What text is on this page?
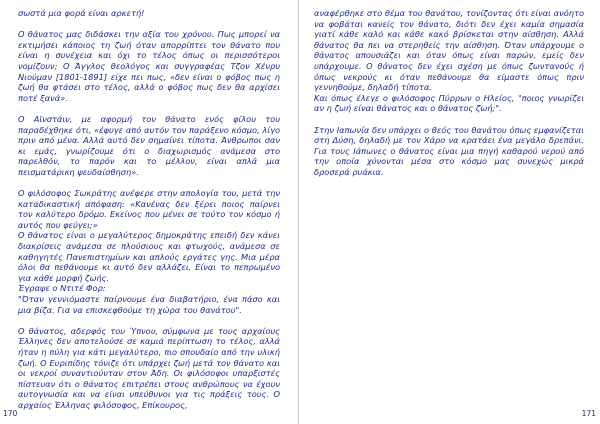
σωστά μια φορά είναι αρκετή!

Ο θάνατος μας διδάσκει την αξία του χρόνου. Πως μπορεί να εκτιμήσει κάποιος τη ζωή όταν απορρίπτει τον θάνατο που είναι η συνέχεια και όχι το τέλος όπως οι περισσότεροι νομίζουν; Ο Άγγλος θεολόγος και συγγραφέας Τζον Χένρυ Νιούμαν [1801-1891] είχε πει πως, «δεν είναι ο φόβος πως η ζωή θα φτάσει στο τέλος, αλλά ο φόβος πως δεν θα αρχίσει ποτέ ξανά».

Ο Αϊνστάιν, με αφορμή τον θάνατο ενός φίλου του παραδέχθηκε ότι, «έφυγε από αυτόν τον παράξενο κόσμο, λίγο πριν από μένα. Αλλά αυτό δεν σημαίνει τίποτα. Άνθρωποι σαν κι εμάς, γνωρίζουμε ότι ο διαχωρισμός ανάμεσα στο παρελθόν, το παρόν και το μέλλον, είναι απλά μια πεισματάρικη ψευδαίσθηση».

Ο φιλόσοφος Σωκράτης ανέφερε στην απολογία του, μετά την καταδικαστική απόφαση: «Κανένας δεν ξέρει ποιος παίρνει τον καλύτερο δρόμο. Εκείνος που μένει σε τούτο τον κόσμο ή αυτός που φεύγει;»

Ο θάνατος είναι ο μεγαλύτερος δημοκράτης επειδή δεν κάνει διακρίσεις ανάμεσα σε πλούσιους και φτωχούς, ανάμεσα σε καθηγητές Πανεπιστημίων και απλούς εργάτες γης. Μια μέρα όλοι θα πεθάνουμε κι αυτό δεν αλλάζει. Είναι το πεπρωμένο για κάθε μορφή ζωής.

Έγραψε ο Ντιτέ Φορ:

"Όταν γεννιόμαστε παίρνουμε ένα διαβατήριο, ένα πάσο και μια βίζα. Για να επισκεφθούμε τη χώρα του θανάτου".

Ο θάνατος, αδερφός του Ύπνου, σύμφωνα με τους αρχαίους Έλληνες δεν αποτελούσε σε καμιά περίπτωση το τέλος, αλλά ήταν η πύλη για κάτι μεγαλύτερο, πιο σπουδαίο από την υλική ζωή. Ο Ευριπίδης τόνιζε ότι υπάρχει ζωή μετά τον θάνατο και οι νεκροί συναντιούνταν στον Άδη. Οι φιλόσοφοι υπαρξιστές πίστευαν ότι ο θάνατος επιτρέπει στους ανθρώπους να έχουν αυτογνωσία και να είναι υπεύθυνοι για τις πράξεις τους. Ο αρχαίος Έλληνας φιλόσοφος, Επίκουρος,

170

αναφέρθηκε στο θέμα του θανάτου, τονίζοντας ότι είναι ανόητο να φοβάται κανείς τον θάνατο, διότι δεν έχει καμία σημασία γιατί κάθε καλό και κάθε κακό βρίσκεται στην αίσθηση. Αλλά θάνατος θα πει να στερηθείς την αίσθηση. Όταν υπάρχουμε ο θάνατος απουσιάζει και όταν όπως είναι παρών, εμείς δεν υπάρχουμε. Ο θάνατος δεν έχει σχέση με όπως ζωντανούς ή όπως νεκρούς κι όταν πεθάνουμε θα είμαστε όπως πριν γεννηθούμε, δηλαδή τίποτα.

Και όπως έλεγε ο φιλόσοφος Πύρρων ο Ηλείος, "ποιος γνωρίζει αν η ζωή είναι θάνατος και ο θάνατος ζωή;".

Στην Ιαπωνία δεν υπάρχει ο θεός του θανάτου όπως εμφανίζεται στη Δύση, δηλαδή με τον Χάρο να κρατάει ένα μεγάλο δρεπάνι. Για τους Ιάπωνες ο θάνατος είναι μια πηγή καθαρού νερού από την οποία χύνονται μέσα στο κόσμο μας συνεχώς μικρά δροσερά ρυάκια.

171
